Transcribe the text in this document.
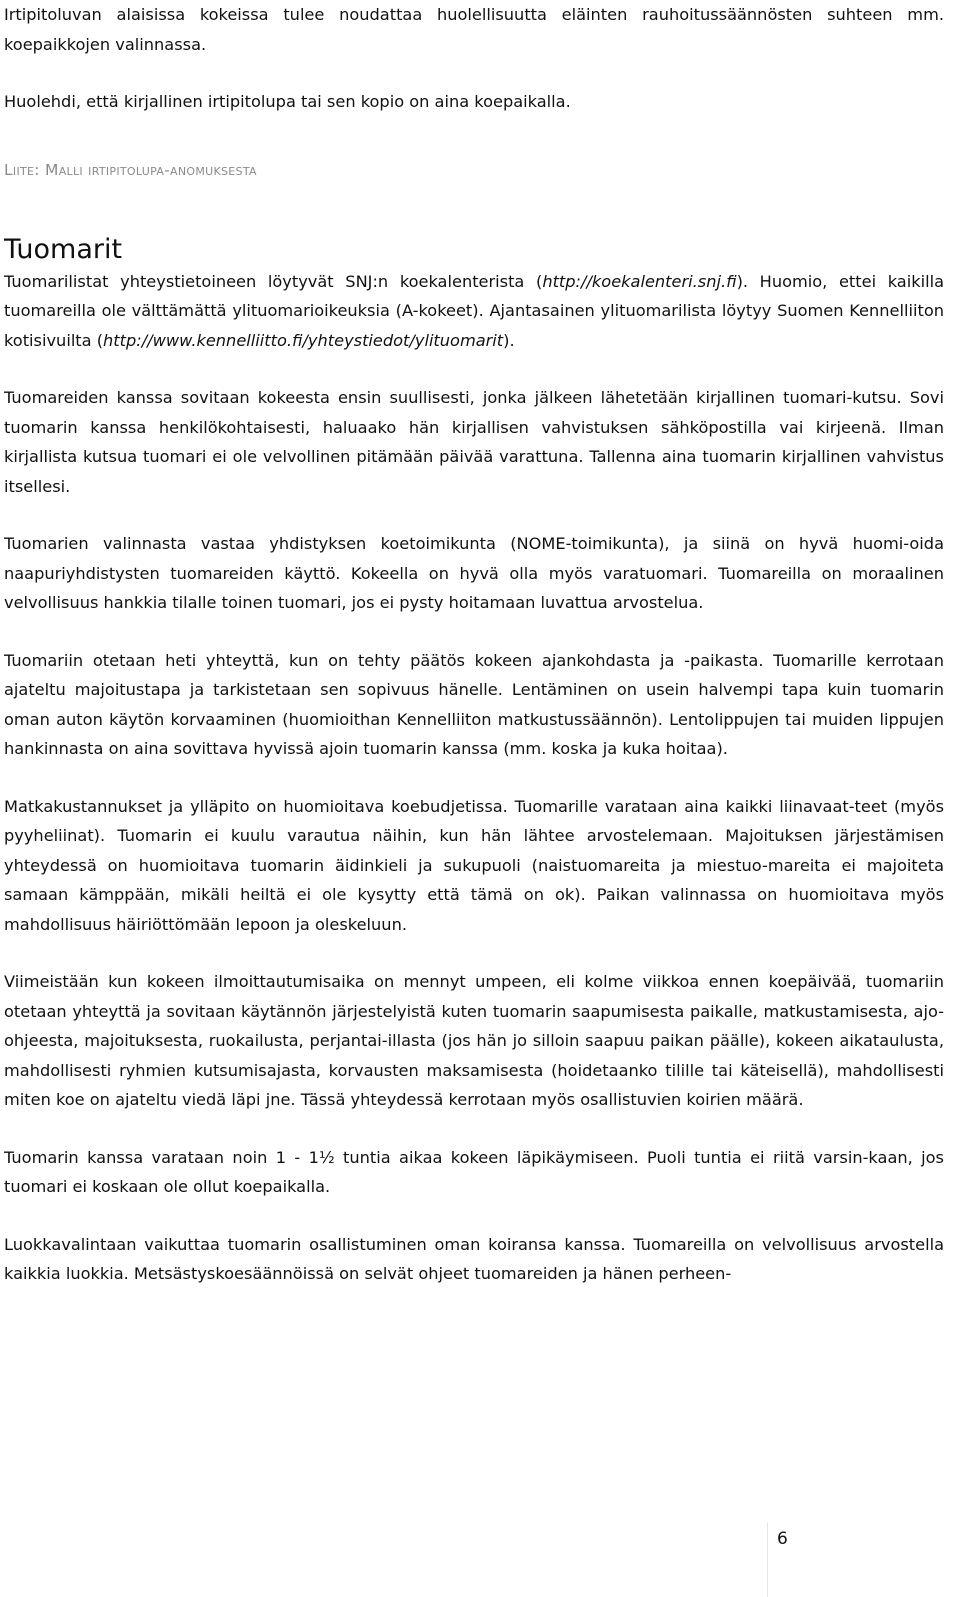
Irtipitoluvan alaisissa kokeissa tulee noudattaa huolellisuutta eläinten rauhoitussäännösten suhteen mm. koepaikkojen valinnassa.

Huolehdi, että kirjallinen irtipitolupa tai sen kopio on aina koepaikalla.

Liite: Malli irtipitolupa-anomuksesta
Tuomarit

Tuomarilistat yhteystietoineen löytyvät SNJ:n koekalenterista (http://koekalenteri.snj.fi). Huomio, ettei kaikilla tuomareilla ole välttämättä ylituomarioikeuksia (A-kokeet). Ajantasainen ylituomarilista löytyy Suomen Kennelliiton kotisivuilta (http://www.kennelliitto.fi/yhteystiedot/ylituomarit).

Tuomareiden kanssa sovitaan kokeesta ensin suullisesti, jonka jälkeen lähetetään kirjallinen tuomari-kutsu. Sovi tuomarin kanssa henkilökohtaisesti, haluaako hän kirjallisen vahvistuksen sähköpostilla vai kirjeenä. Ilman kirjallista kutsua tuomari ei ole velvollinen pitämään päivää varattuna. Tallenna aina tuomarin kirjallinen vahvistus itsellesi.

Tuomarien valinnasta vastaa yhdistyksen koetoimikunta (NOME-toimikunta), ja siinä on hyvä huomi-oida naapuriyhdistysten tuomareiden käyttö. Kokeella on hyvä olla myös varatuomari. Tuomareilla on moraalinen velvollisuus hankkia tilalle toinen tuomari, jos ei pysty hoitamaan luvattua arvostelua.

Tuomariin otetaan heti yhteyttä, kun on tehty päätös kokeen ajankohdasta ja -paikasta. Tuomarille kerrotaan ajateltu majoitustapa ja tarkistetaan sen sopivuus hänelle. Lentäminen on usein halvempi tapa kuin tuomarin oman auton käytön korvaaminen (huomioithan Kennelliiton matkustussäännön). Lentolippujen tai muiden lippujen hankinnasta on aina sovittava hyvissä ajoin tuomarin kanssa (mm. koska ja kuka hoitaa).

Matkakustannukset ja ylläpito on huomioitava koebudjetissa. Tuomarille varataan aina kaikki liinavaat-teet (myös pyyheliinat). Tuomarin ei kuulu varautua näihin, kun hän lähtee arvostelemaan. Majoituksen järjestämisen yhteydessä on huomioitava tuomarin äidinkieli ja sukupuoli (naistuomareita ja miestuo-mareita ei majoiteta samaan kämppään, mikäli heiltä ei ole kysytty että tämä on ok). Paikan valinnassa on huomioitava myös mahdollisuus häiriöttömään lepoon ja oleskeluun.

Viimeistään kun kokeen ilmoittautumisaika on mennyt umpeen, eli kolme viikkoa ennen koepäivää, tuomariin otetaan yhteyttä ja sovitaan käytännön järjestelyistä kuten tuomarin saapumisesta paikalle, matkustamisesta, ajo-ohjeesta, majoituksesta, ruokailusta, perjantai-illasta (jos hän jo silloin saapuu paikan päälle), kokeen aikataulusta, mahdollisesti ryhmien kutsumisajasta, korvausten maksamisesta (hoidetaanko tilille tai käteisellä), mahdollisesti miten koe on ajateltu viedä läpi jne. Tässä yhteydessä kerrotaan myös osallistuvien koirien määrä.

Tuomarin kanssa varataan noin 1 - 1½ tuntia aikaa kokeen läpikäymiseen. Puoli tuntia ei riitä varsin-kaan, jos tuomari ei koskaan ole ollut koepaikalla.

Luokkavalintaan vaikuttaa tuomarin osallistuminen oman koiransa kanssa. Tuomareilla on velvollisuus arvostella kaikkia luokkia. Metsästyskoesäännöissä on selvät ohjeet tuomareiden ja hänen perheen-

6
